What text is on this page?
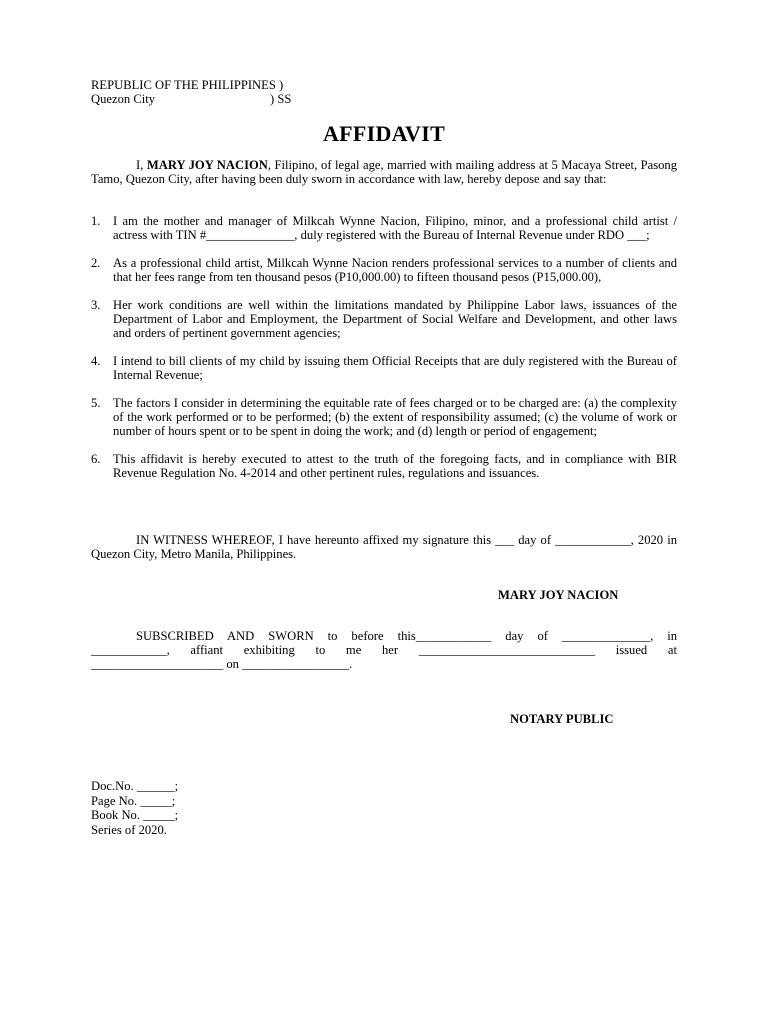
REPUBLIC OF THE PHILIPPINES )
Quezon City	) SS
AFFIDAVIT
I, MARY JOY NACION, Filipino, of legal age, married with mailing address at 5 Macaya Street, Pasong Tamo, Quezon City, after having been duly sworn in accordance with law, hereby depose and say that:
1. I am the mother and manager of Milkcah Wynne Nacion, Filipino, minor, and a professional child artist / actress with TIN #______________, duly registered with the Bureau of Internal Revenue under RDO ___;
2. As a professional child artist, Milkcah Wynne Nacion renders professional services to a number of clients and that her fees range from ten thousand pesos (P10,000.00) to fifteen thousand pesos (P15,000.00),
3. Her work conditions are well within the limitations mandated by Philippine Labor laws, issuances of the Department of Labor and Employment, the Department of Social Welfare and Development, and other laws and orders of pertinent government agencies;
4. I intend to bill clients of my child by issuing them Official Receipts that are duly registered with the Bureau of Internal Revenue;
5. The factors I consider in determining the equitable rate of fees charged or to be charged are: (a) the complexity of the work performed or to be performed; (b) the extent of responsibility assumed; (c) the volume of work or number of hours spent or to be spent in doing the work; and (d) length or period of engagement;
6. This affidavit is hereby executed to attest to the truth of the foregoing facts, and in compliance with BIR Revenue Regulation No. 4-2014 and other pertinent rules, regulations and issuances.
IN WITNESS WHEREOF, I have hereunto affixed my signature this ___ day of ____________, 2020 in Quezon City, Metro Manila, Philippines.
MARY JOY NACION
SUBSCRIBED AND SWORN to before this____________ day of ______________, in
____________, affiant exhibiting to me her ____________________________ issued at
_____________________ on _________________.
NOTARY PUBLIC
Doc.No. ______;
Page No. _____;
Book No. _____;
Series of 2020.
